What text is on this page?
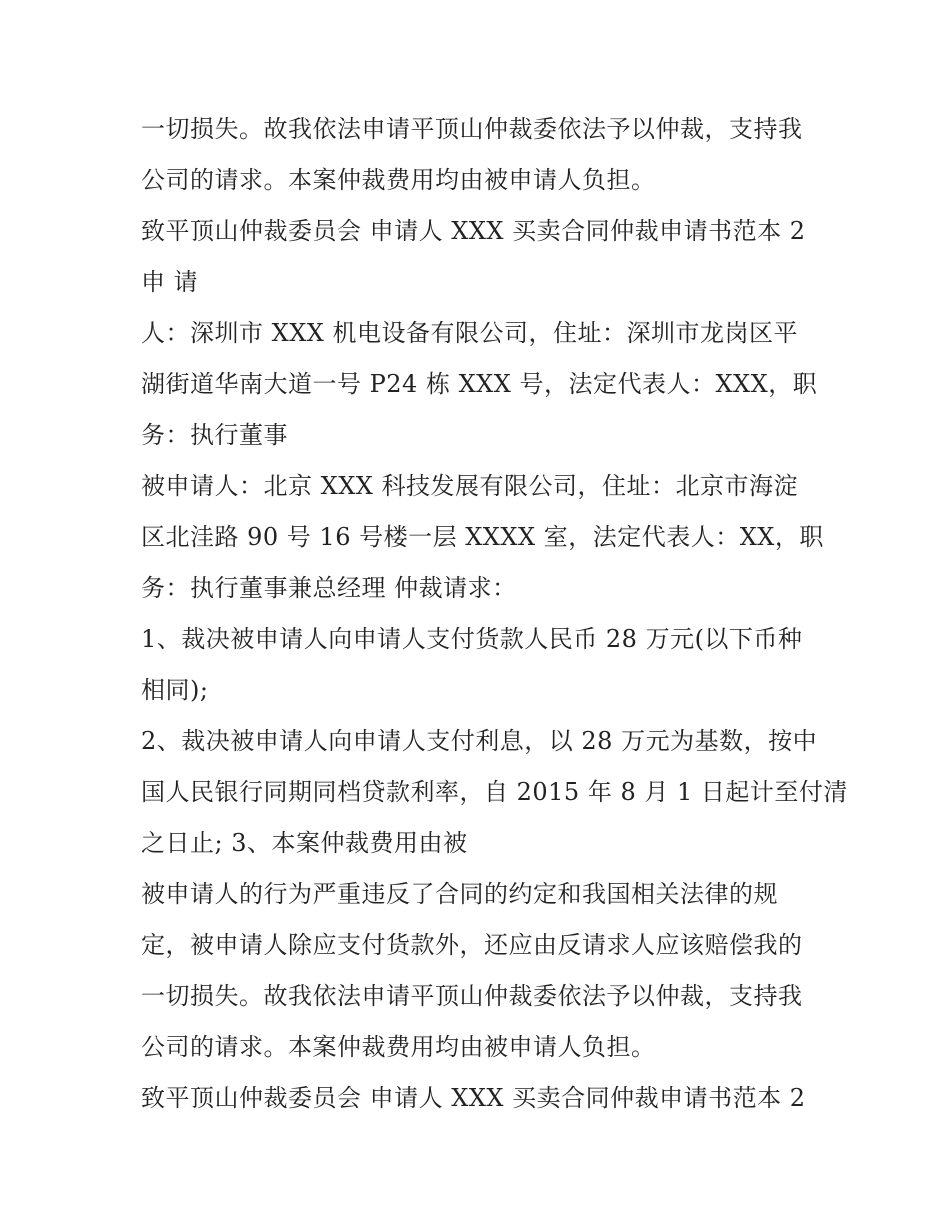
一切损失。故我依法申请平顶山仲裁委依法予以仲裁，支持我
公司的请求。本案仲裁费用均由被申请人负担。
致平顶山仲裁委员会 申请人 XXX 买卖合同仲裁申请书范本 2
申 请
人：深圳市 XXX 机电设备有限公司，住址：深圳市龙岗区平
湖街道华南大道一号 P24 栋 XXX 号，法定代表人：XXX，职
务：执行董事
被申请人：北京 XXX 科技发展有限公司，住址：北京市海淀
区北洼路 90 号 16 号楼一层 XXXX 室，法定代表人：XX，职
务：执行董事兼总经理 仲裁请求：
1、裁决被申请人向申请人支付货款人民币 28 万元(以下币种
相同);
2、裁决被申请人向申请人支付利息，以 28 万元为基数，按中
国人民银行同期同档贷款利率，自 2015 年 8 月 1 日起计至付清
之日止; 3、本案仲裁费用由被
被申请人的行为严重违反了合同的约定和我国相关法律的规
定，被申请人除应支付货款外，还应由反请求人应该赔偿我的
一切损失。故我依法申请平顶山仲裁委依法予以仲裁，支持我
公司的请求。本案仲裁费用均由被申请人负担。
致平顶山仲裁委员会 申请人 XXX 买卖合同仲裁申请书范本 2
